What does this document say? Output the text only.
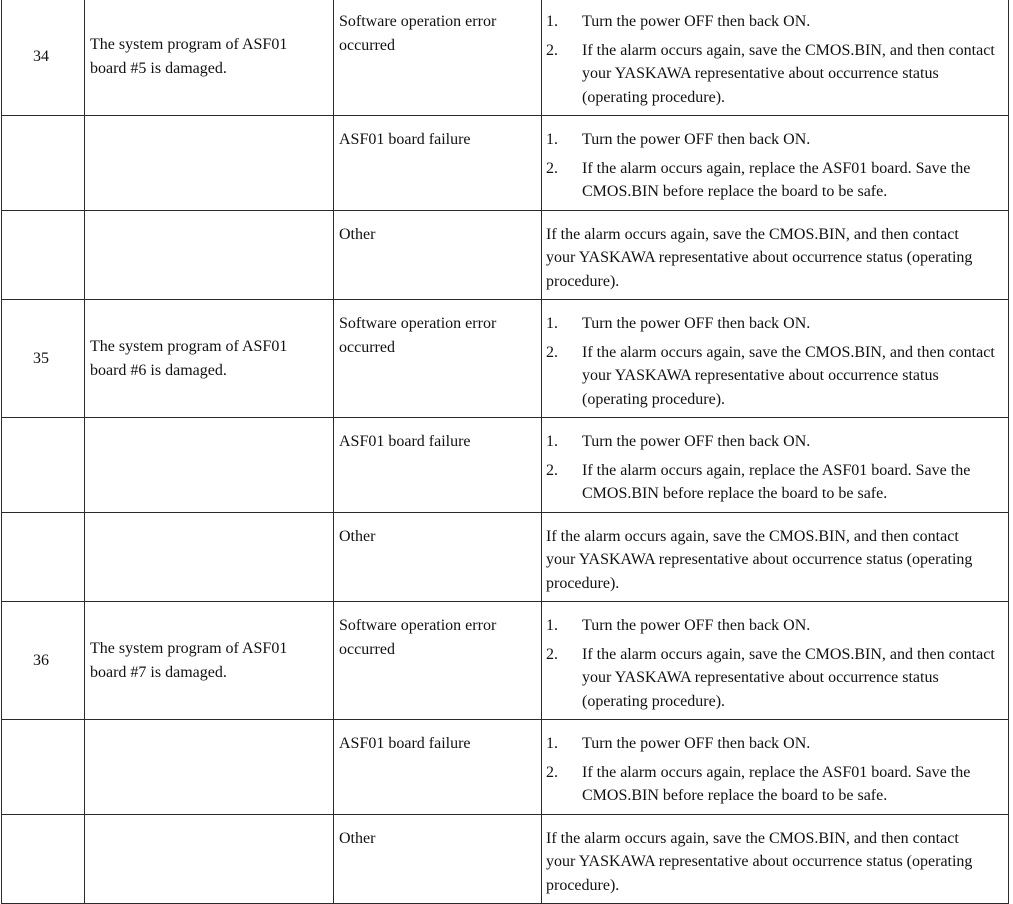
34	The system program of ASF01 board #5 is damaged.	Software operation error occurred	1. Turn the power OFF then back ON.
2. If the alarm occurs again, save the CMOS.BIN, and then contact your YASKAWA representative about occurrence status (operating procedure).

		ASF01 board failure	1. Turn the power OFF then back ON.
2. If the alarm occurs again, replace the ASF01 board. Save the CMOS.BIN before replace the board to be safe.

		Other	If the alarm occurs again, save the CMOS.BIN, and then contact your YASKAWA representative about occurrence status (operating procedure).

35	The system program of ASF01 board #6 is damaged.	Software operation error occurred	1. Turn the power OFF then back ON.
2. If the alarm occurs again, save the CMOS.BIN, and then contact your YASKAWA representative about occurrence status (operating procedure).

		ASF01 board failure	1. Turn the power OFF then back ON.
2. If the alarm occurs again, replace the ASF01 board. Save the CMOS.BIN before replace the board to be safe.

		Other	If the alarm occurs again, save the CMOS.BIN, and then contact your YASKAWA representative about occurrence status (operating procedure).

36	The system program of ASF01 board #7 is damaged.	Software operation error occurred	1. Turn the power OFF then back ON.
2. If the alarm occurs again, save the CMOS.BIN, and then contact your YASKAWA representative about occurrence status (operating procedure).

		ASF01 board failure	1. Turn the power OFF then back ON.
2. If the alarm occurs again, replace the ASF01 board. Save the CMOS.BIN before replace the board to be safe.

		Other	If the alarm occurs again, save the CMOS.BIN, and then contact your YASKAWA representative about occurrence status (operating procedure).
